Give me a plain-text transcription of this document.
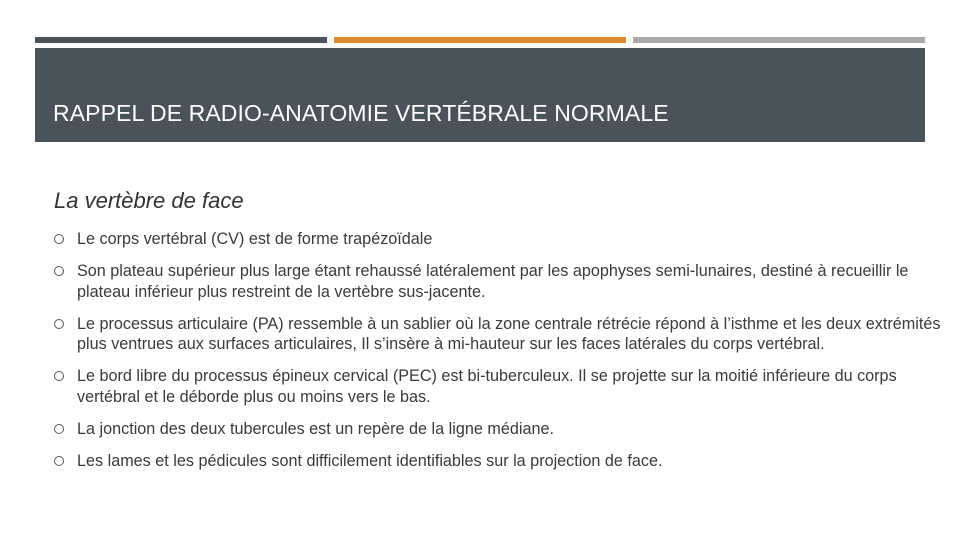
RAPPEL DE RADIO-ANATOMIE VERTÉBRALE NORMALE
La vertèbre de face
Le corps vertébral (CV) est de forme trapézoïdale
Son plateau supérieur plus large étant rehaussé latéralement par les apophyses semi-lunaires, destiné à recueillir le plateau inférieur plus restreint de la vertèbre sus-jacente.
Le processus articulaire (PA) ressemble à un sablier où la zone centrale rétrécie répond à l’isthme et les deux extrémités plus ventrues aux surfaces articulaires, Il s’insère à mi-hauteur sur les faces latérales du corps vertébral.
Le bord libre du processus épineux cervical (PEC) est bi-tuberculeux. Il se projette sur la moitié inférieure du corps vertébral et le déborde plus ou moins vers le bas.
La jonction des deux tubercules est un repère de la ligne médiane.
Les lames et les pédicules sont difficilement identifiables sur la projection de face.
